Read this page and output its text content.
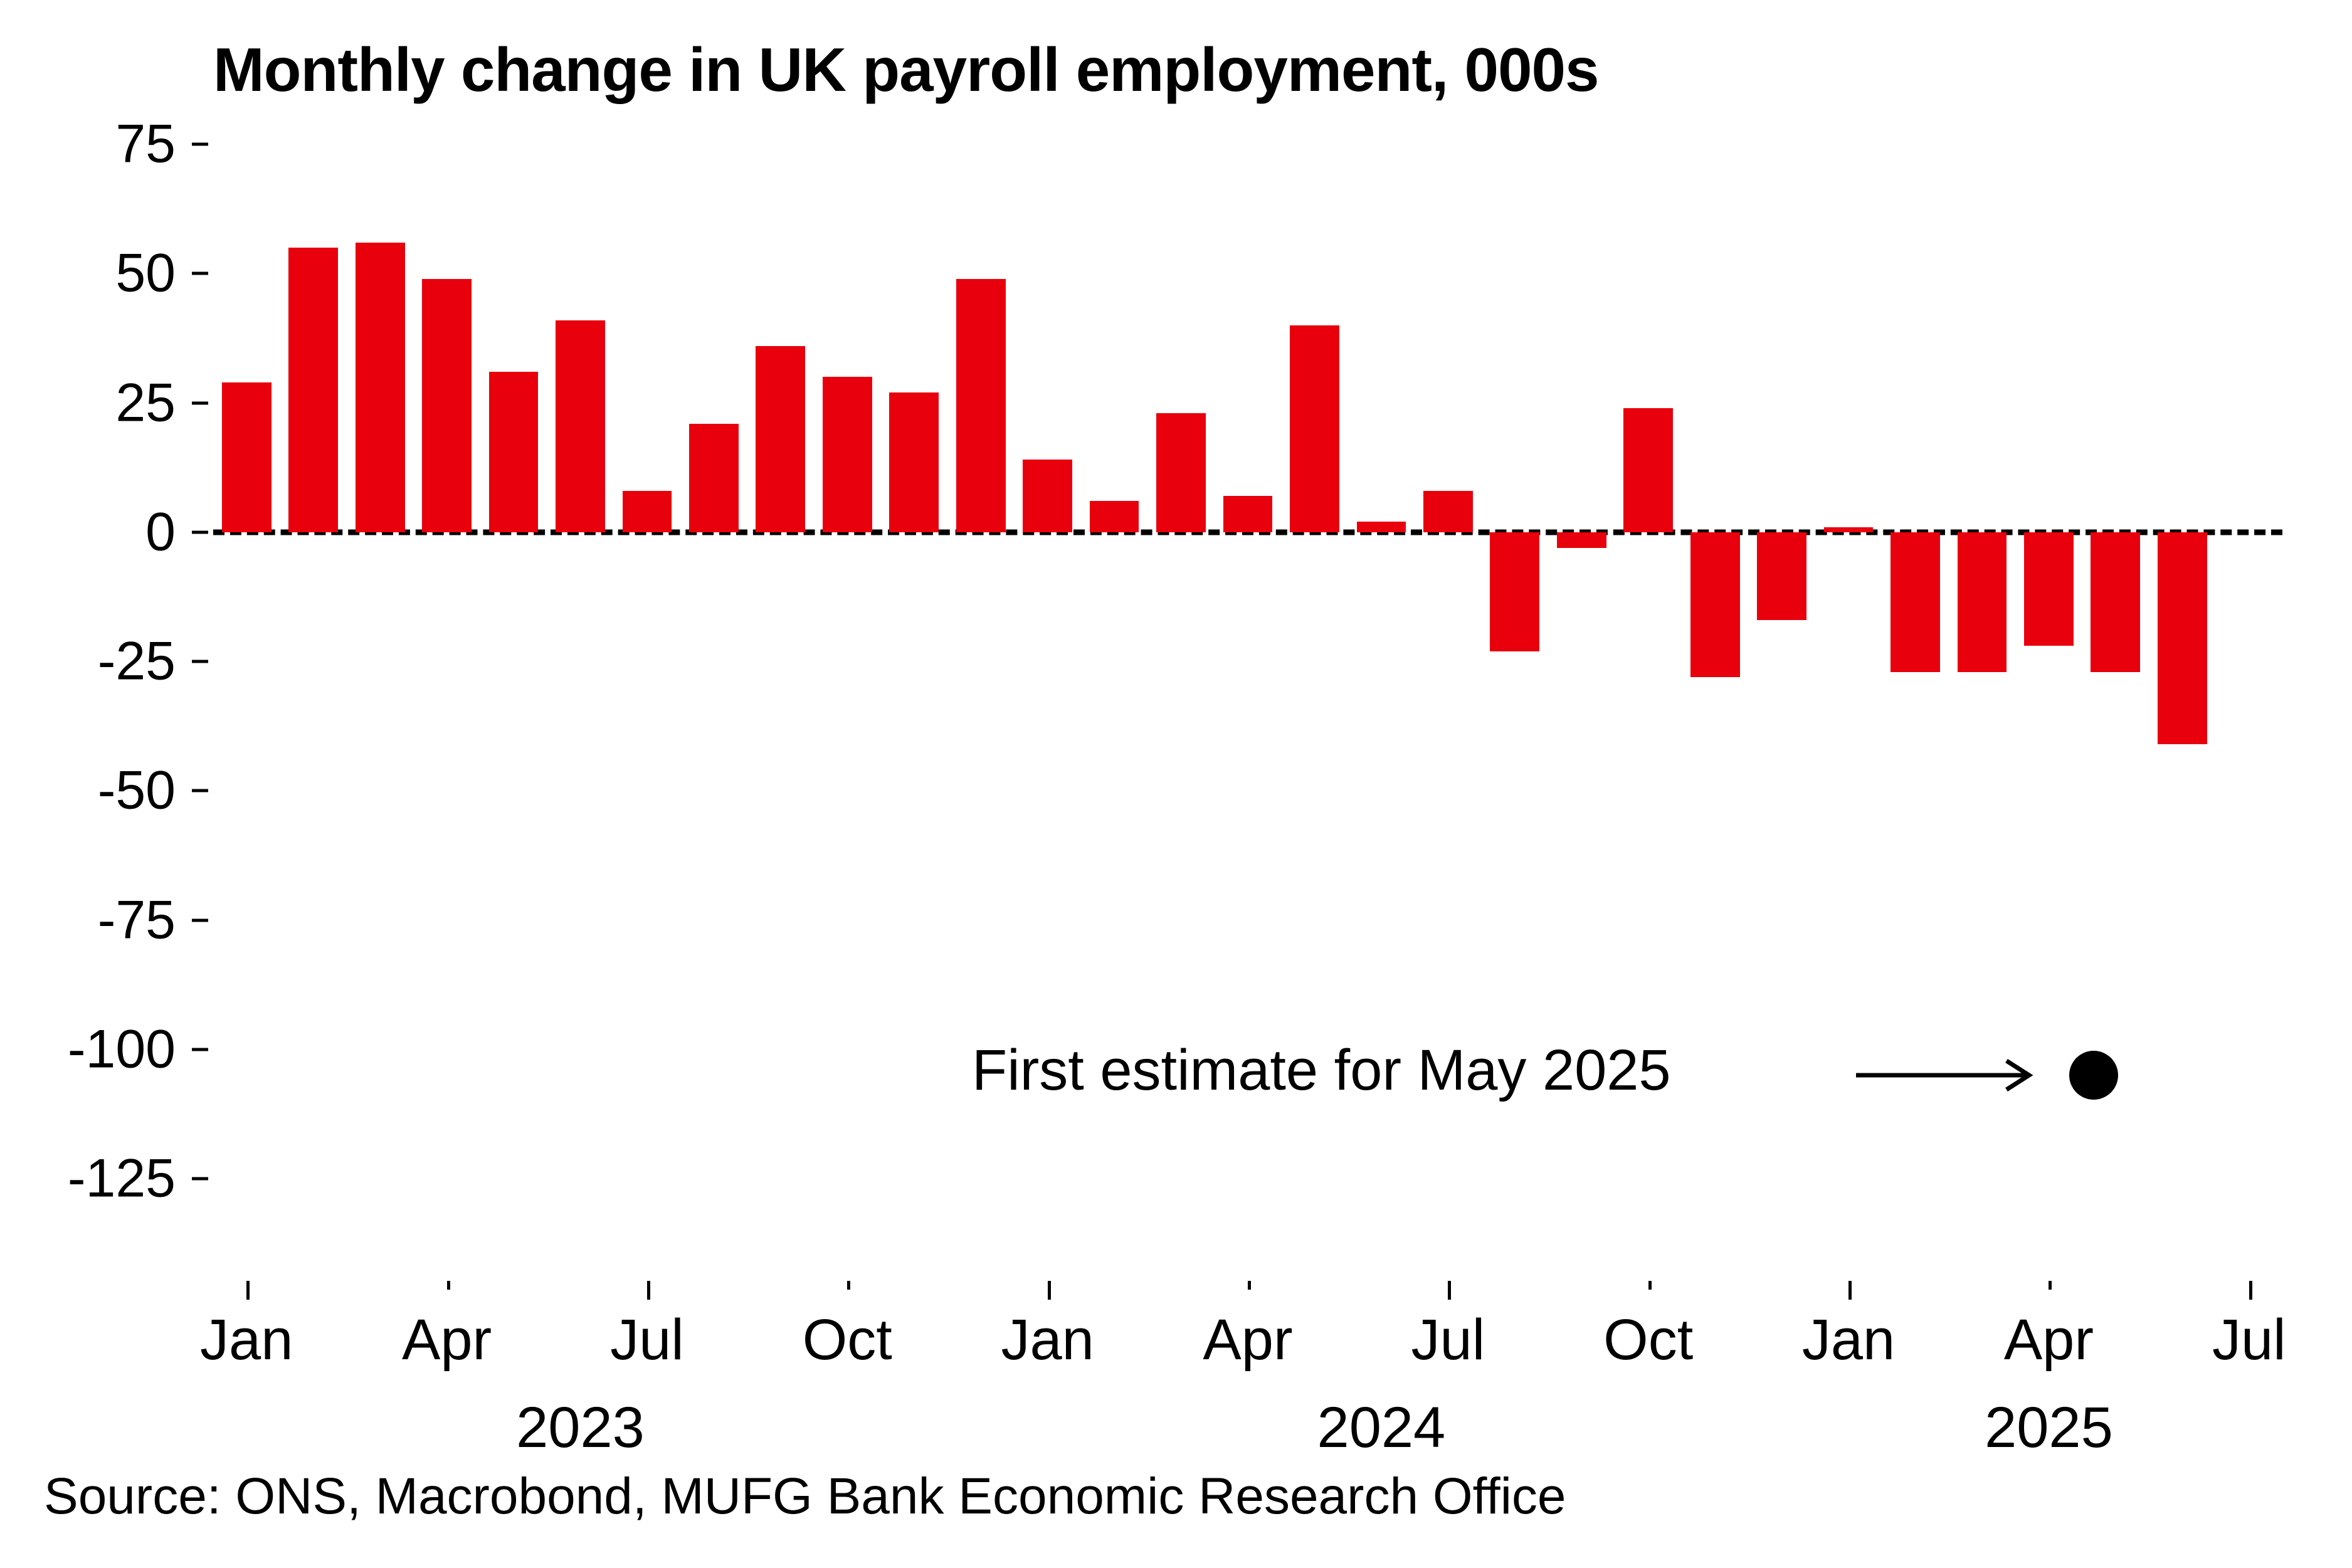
Monthly change in UK payroll employment, 000s
75
50
25
0
-25
-50
-75
-100
-125
Jan Apr Jul Oct Jan Apr Jul Oct Jan Apr Jul
2023	2024	2025
First estimate for May 2025
Source: ONS, Macrobond, MUFG Bank Economic Research Office
